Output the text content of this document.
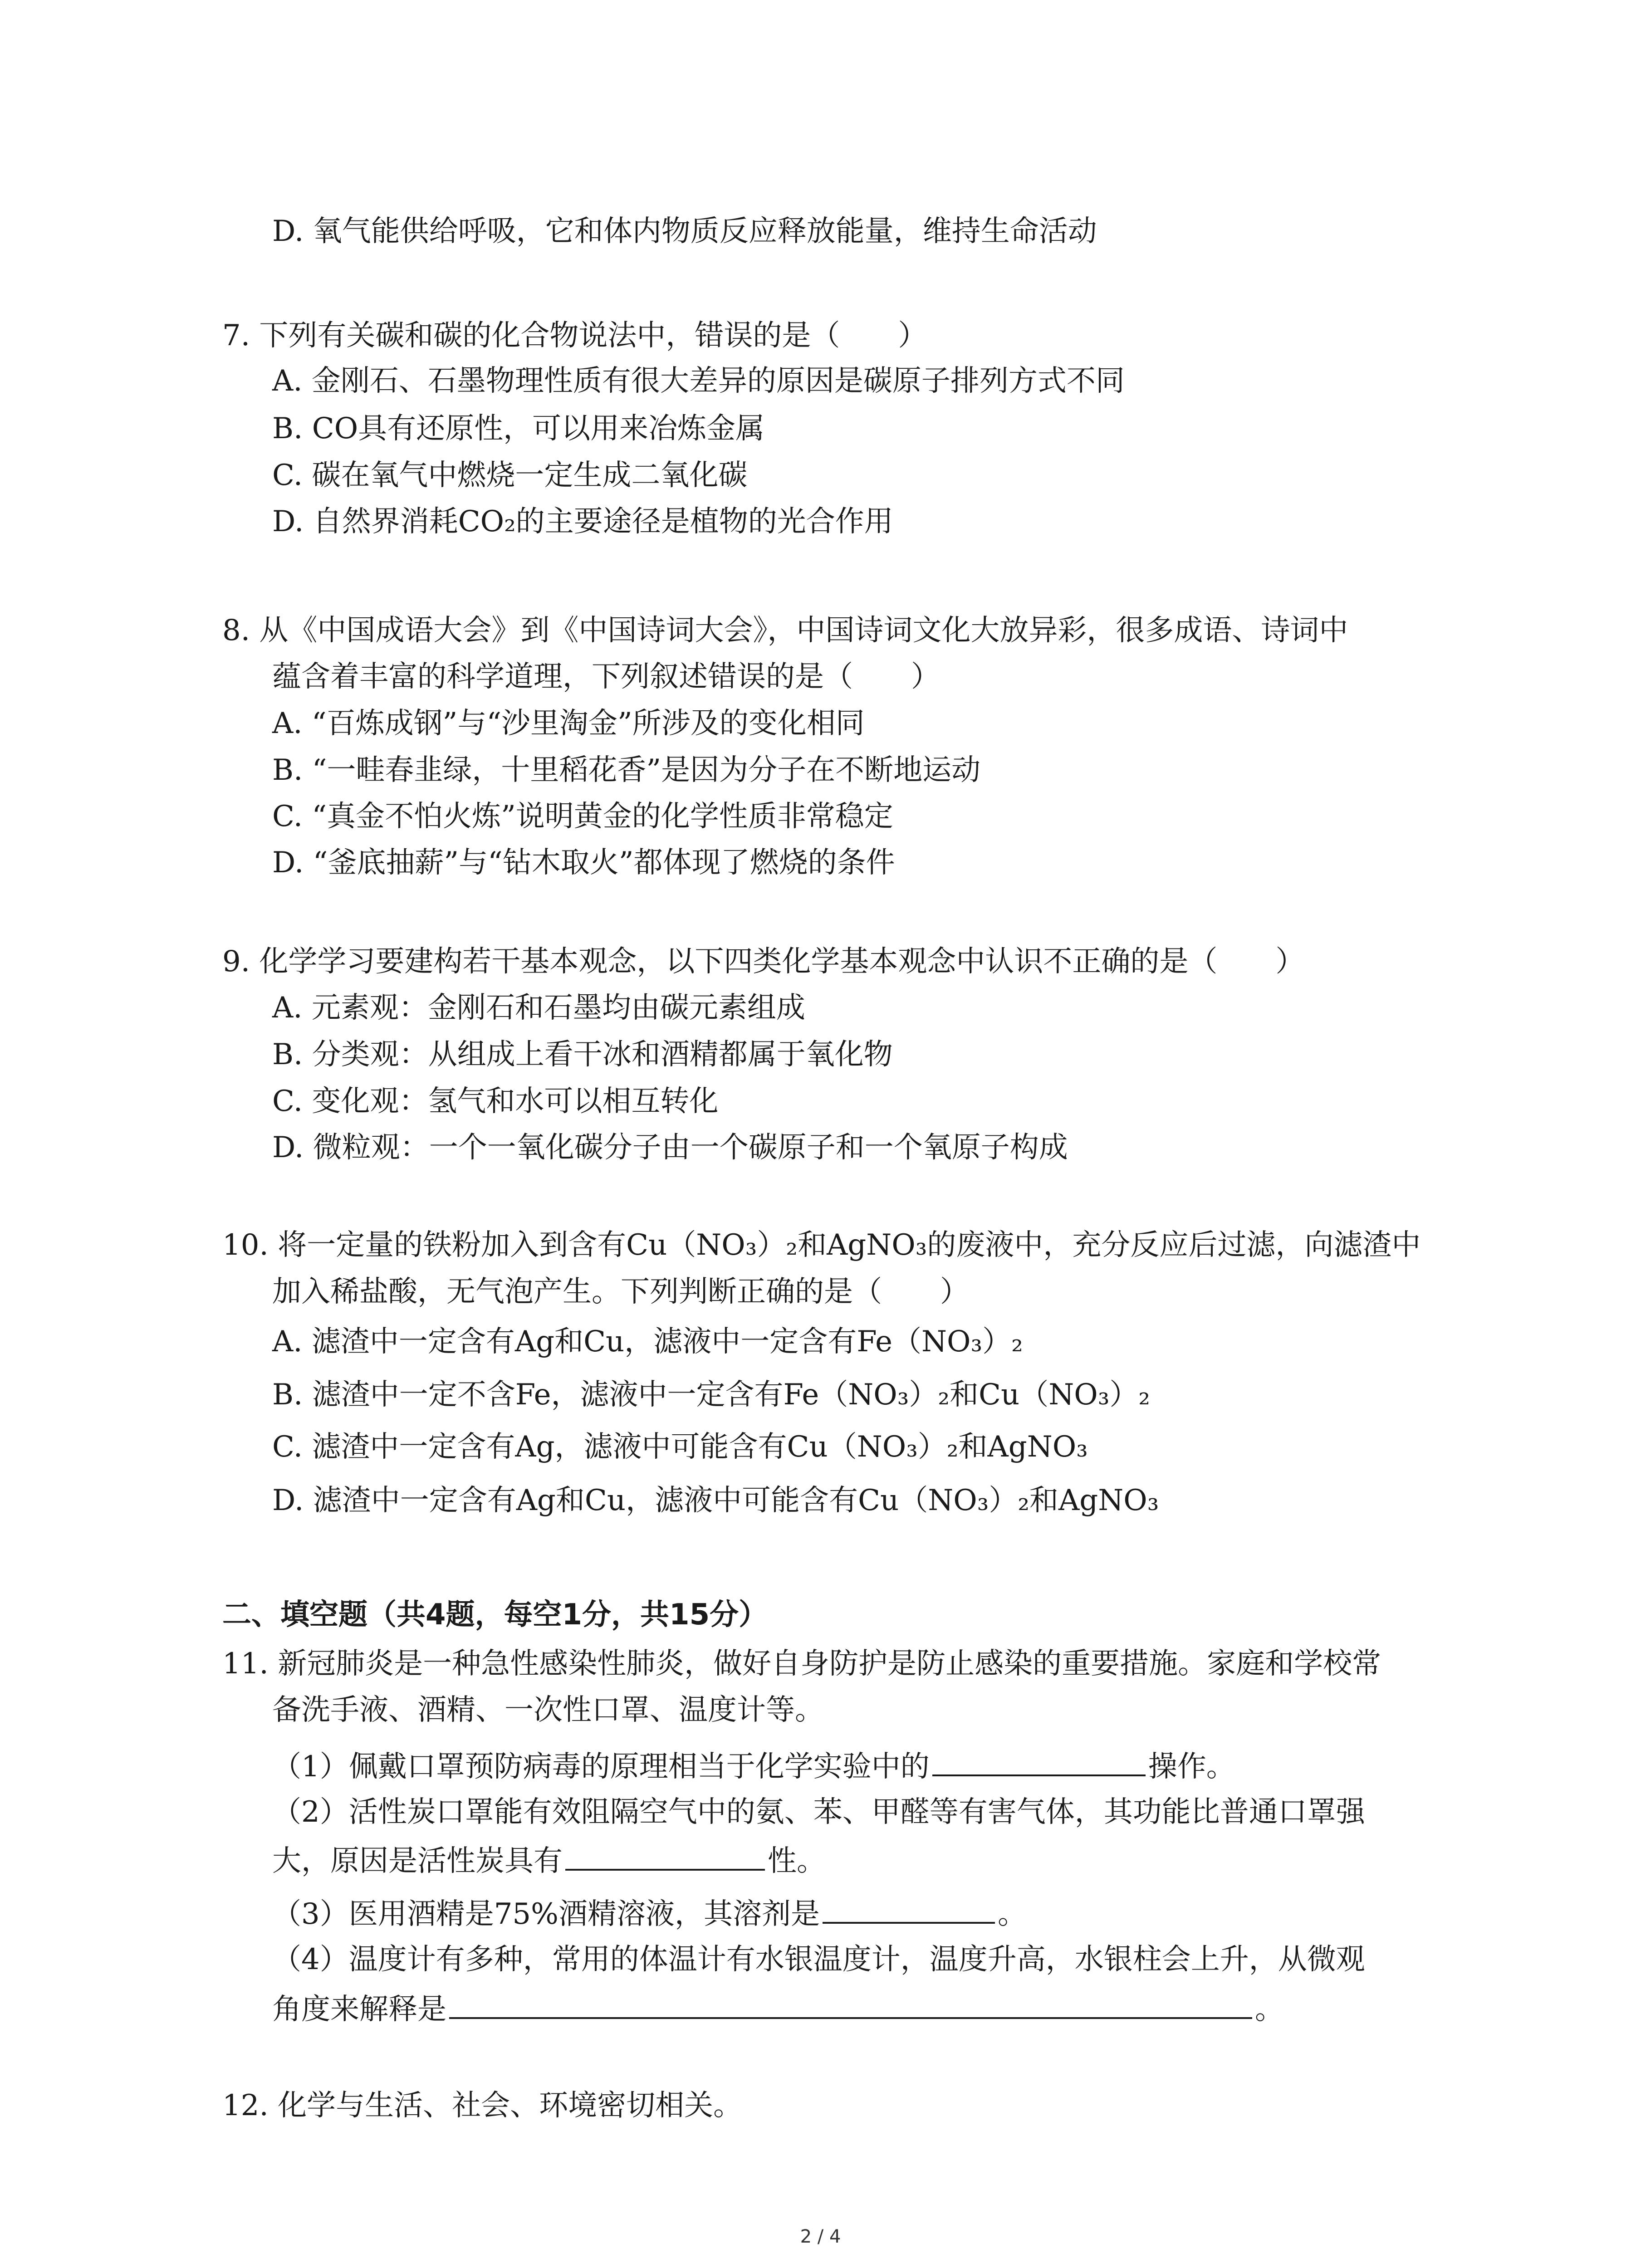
D. 氧气能供给呼吸，它和体内物质反应释放能量，维持生命活动
7. 下列有关碳和碳的化合物说法中，错误的是（　　）
A. 金刚石、石墨物理性质有很大差异的原因是碳原子排列方式不同
B. CO具有还原性，可以用来冶炼金属
C. 碳在氧气中燃烧一定生成二氧化碳
D. 自然界消耗CO₂的主要途径是植物的光合作用
8. 从《中国成语大会》到《中国诗词大会》，中国诗词文化大放异彩，很多成语、诗词中
蕴含着丰富的科学道理，下列叙述错误的是（　　）
A. “百炼成钢”与“沙里淘金”所涉及的变化相同
B. “一畦春韭绿，十里稻花香”是因为分子在不断地运动
C. “真金不怕火炼”说明黄金的化学性质非常稳定
D. “釜底抽薪”与“钻木取火”都体现了燃烧的条件
9. 化学学习要建构若干基本观念，以下四类化学基本观念中认识不正确的是（　　）
A. 元素观：金刚石和石墨均由碳元素组成
B. 分类观：从组成上看干冰和酒精都属于氧化物
C. 变化观：氢气和水可以相互转化
D. 微粒观：一个一氧化碳分子由一个碳原子和一个氧原子构成
10. 将一定量的铁粉加入到含有Cu（NO₃）₂和AgNO₃的废液中，充分反应后过滤，向滤渣中
加入稀盐酸，无气泡产生。下列判断正确的是（　　）
A. 滤渣中一定含有Ag和Cu，滤液中一定含有Fe（NO₃）₂
B. 滤渣中一定不含Fe，滤液中一定含有Fe（NO₃）₂和Cu（NO₃）₂
C. 滤渣中一定含有Ag，滤液中可能含有Cu（NO₃）₂和AgNO₃
D. 滤渣中一定含有Ag和Cu，滤液中可能含有Cu（NO₃）₂和AgNO₃
二、填空题（共4题，每空1分，共15分）
11. 新冠肺炎是一种急性感染性肺炎，做好自身防护是防止感染的重要措施。家庭和学校常
备洗手液、酒精、一次性口罩、温度计等。
（1）佩戴口罩预防病毒的原理相当于化学实验中的	操作。
（2）活性炭口罩能有效阻隔空气中的氨、苯、甲醛等有害气体，其功能比普通口罩强
大，原因是活性炭具有	性。
（3）医用酒精是75%酒精溶液，其溶剂是	。
（4）温度计有多种，常用的体温计有水银温度计，温度升高，水银柱会上升，从微观
角度来解释是	。
12. 化学与生活、社会、环境密切相关。
2 / 4
